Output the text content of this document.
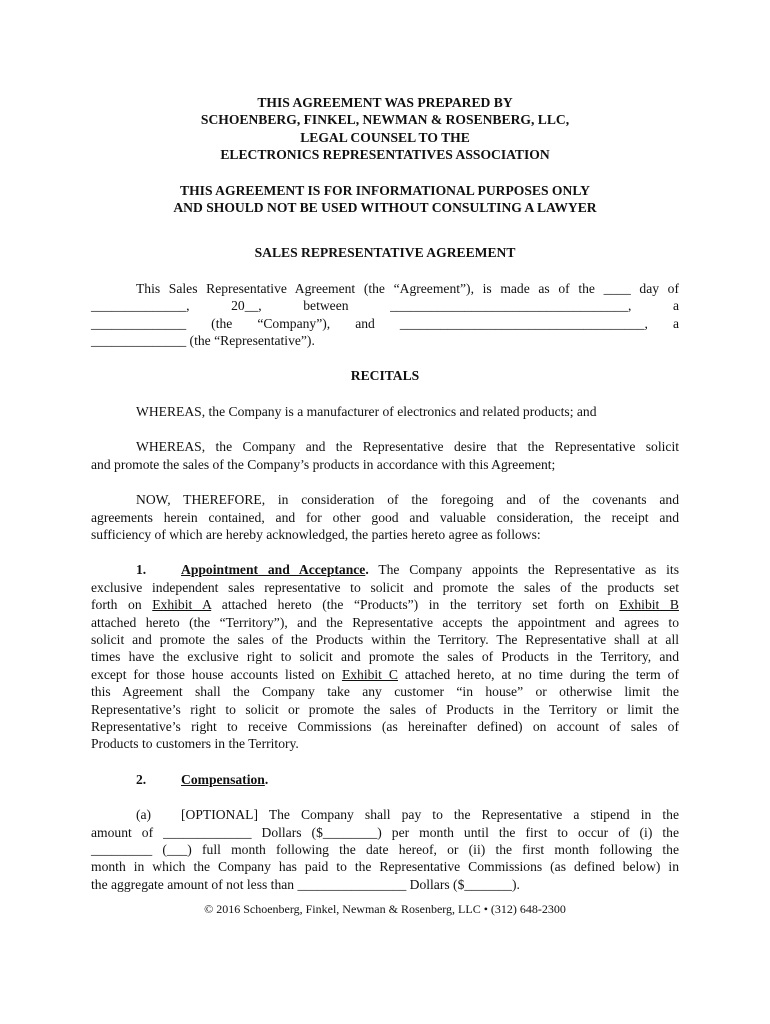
THIS AGREEMENT WAS PREPARED BY
SCHOENBERG, FINKEL, NEWMAN & ROSENBERG, LLC,
LEGAL COUNSEL TO THE
ELECTRONICS REPRESENTATIVES ASSOCIATION
THIS AGREEMENT IS FOR INFORMATIONAL PURPOSES ONLY
AND SHOULD NOT BE USED WITHOUT CONSULTING A LAWYER
SALES REPRESENTATIVE AGREEMENT
This Sales Representative Agreement (the “Agreement”), is made as of the ____ day of
______________, 20__, between ___________________________________, a
______________ (the “Company”), and ____________________________________, a
______________ (the “Representative”).
RECITALS
WHEREAS, the Company is a manufacturer of electronics and related products; and
WHEREAS, the Company and the Representative desire that the Representative solicit
and promote the sales of the Company’s products in accordance with this Agreement;
NOW, THEREFORE, in consideration of the foregoing and of the covenants and
agreements herein contained, and for other good and valuable consideration, the receipt and
sufficiency of which are hereby acknowledged, the parties hereto agree as follows:
1.	Appointment and Acceptance. The Company appoints the Representative as its
exclusive independent sales representative to solicit and promote the sales of the products set
forth on Exhibit A attached hereto (the “Products”) in the territory set forth on Exhibit B
attached hereto (the “Territory”), and the Representative accepts the appointment and agrees to
solicit and promote the sales of the Products within the Territory. The Representative shall at all
times have the exclusive right to solicit and promote the sales of Products in the Territory, and
except for those house accounts listed on Exhibit C attached hereto, at no time during the term of
this Agreement shall the Company take any customer “in house” or otherwise limit the
Representative’s right to solicit or promote the sales of Products in the Territory or limit the
Representative’s right to receive Commissions (as hereinafter defined) on account of sales of
Products to customers in the Territory.
2.	Compensation.
(a) [OPTIONAL] The Company shall pay to the Representative a stipend in the
amount of _____________ Dollars ($________) per month until the first to occur of (i) the
_________ (___) full month following the date hereof, or (ii) the first month following the
month in which the Company has paid to the Representative Commissions (as defined below) in
the aggregate amount of not less than ________________ Dollars ($_______).
© 2016 Schoenberg, Finkel, Newman & Rosenberg, LLC • (312) 648-2300
